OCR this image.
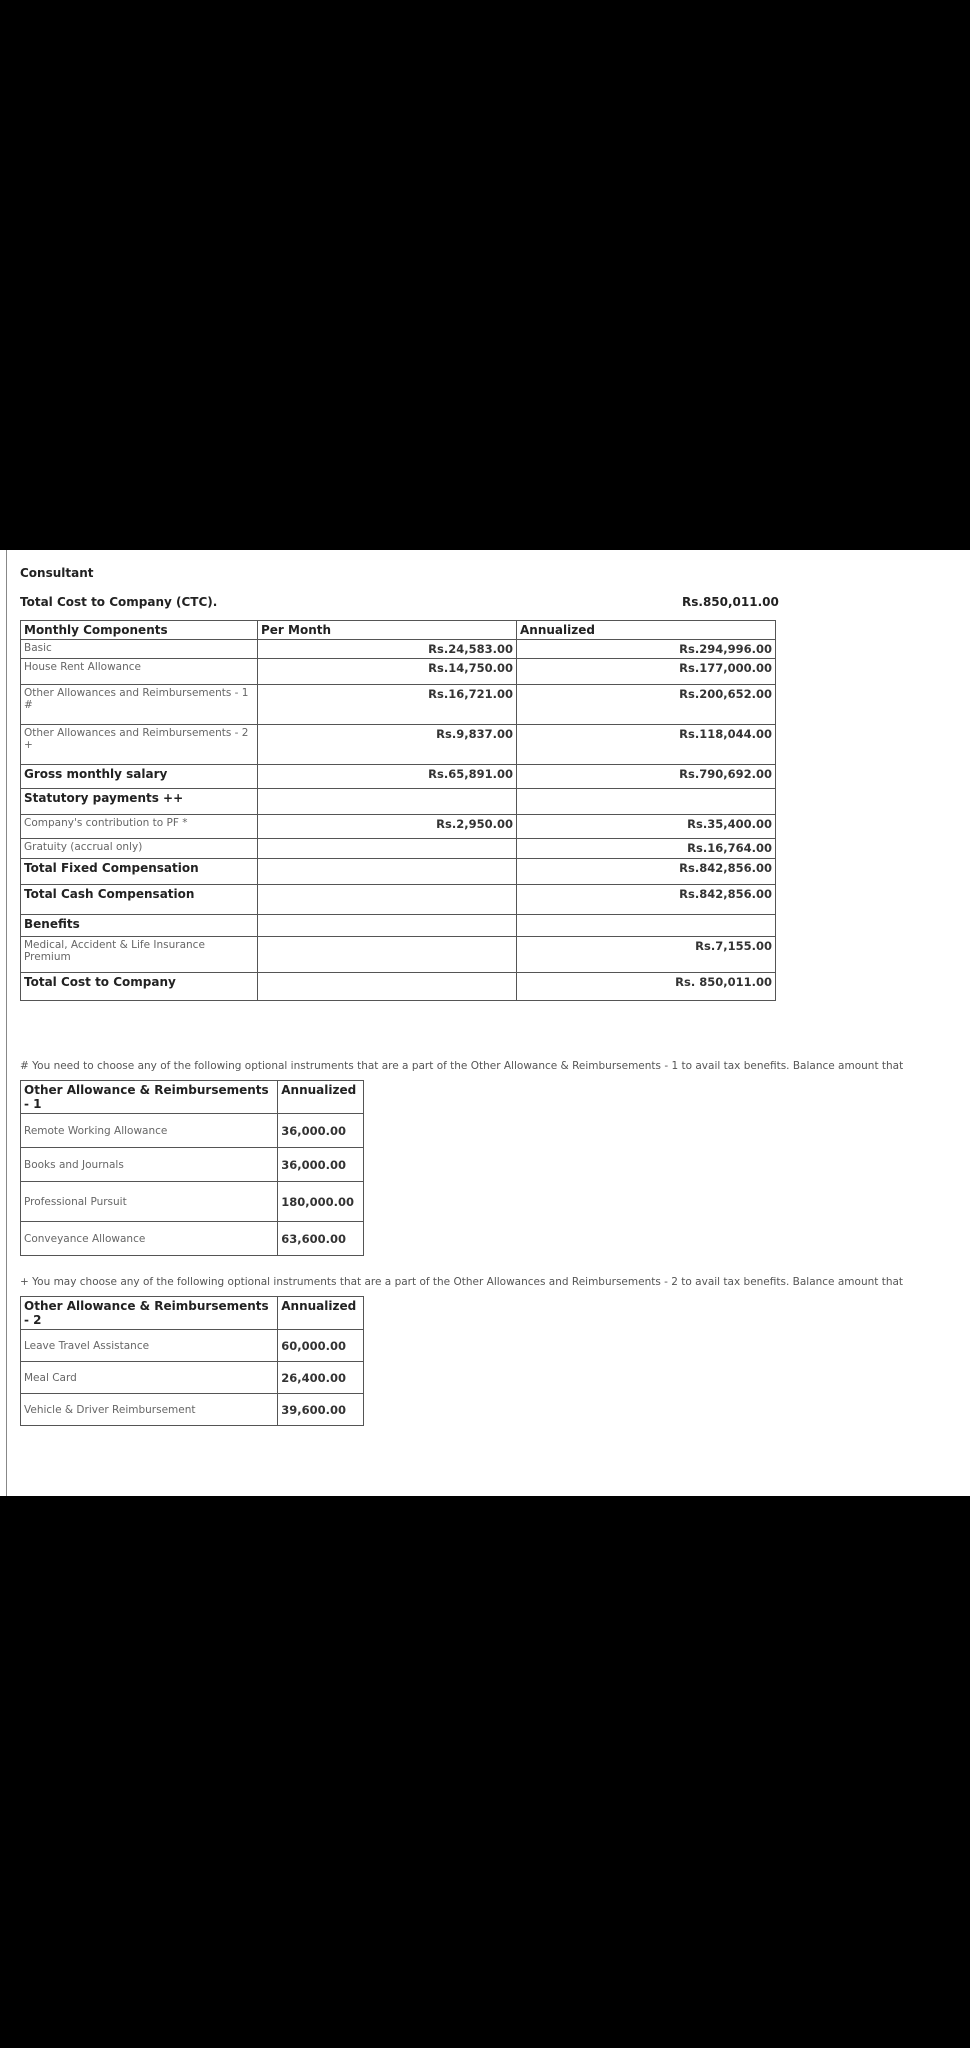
Consultant
Total Cost to Company (CTC).	Rs.850,011.00
Monthly Components	Per Month	Annualized
Basic	Rs.24,583.00	Rs.294,996.00
House Rent Allowance	Rs.14,750.00	Rs.177,000.00
Other Allowances and Reimbursements - 1 #	Rs.16,721.00	Rs.200,652.00
Other Allowances and Reimbursements - 2 +	Rs.9,837.00	Rs.118,044.00
Gross monthly salary	Rs.65,891.00	Rs.790,692.00
Statutory payments ++		
Company's contribution to PF *	Rs.2,950.00	Rs.35,400.00
Gratuity (accrual only)		Rs.16,764.00
Total Fixed Compensation		Rs.842,856.00
Total Cash Compensation		Rs.842,856.00
Benefits		
Medical, Accident & Life Insurance Premium		Rs.7,155.00
Total Cost to Company		Rs. 850,011.00
# You need to choose any of the following optional instruments that are a part of the Other Allowance & Reimbursements - 1 to avail tax benefits. Balance amount that
Other Allowance & Reimbursements - 1	Annualized
Remote Working Allowance	36,000.00
Books and Journals	36,000.00
Professional Pursuit	180,000.00
Conveyance Allowance	63,600.00
+ You may choose any of the following optional instruments that are a part of the Other Allowances and Reimbursements - 2 to avail tax benefits. Balance amount that
Other Allowance & Reimbursements - 2	Annualized
Leave Travel Assistance	60,000.00
Meal Card	26,400.00
Vehicle & Driver Reimbursement	39,600.00
